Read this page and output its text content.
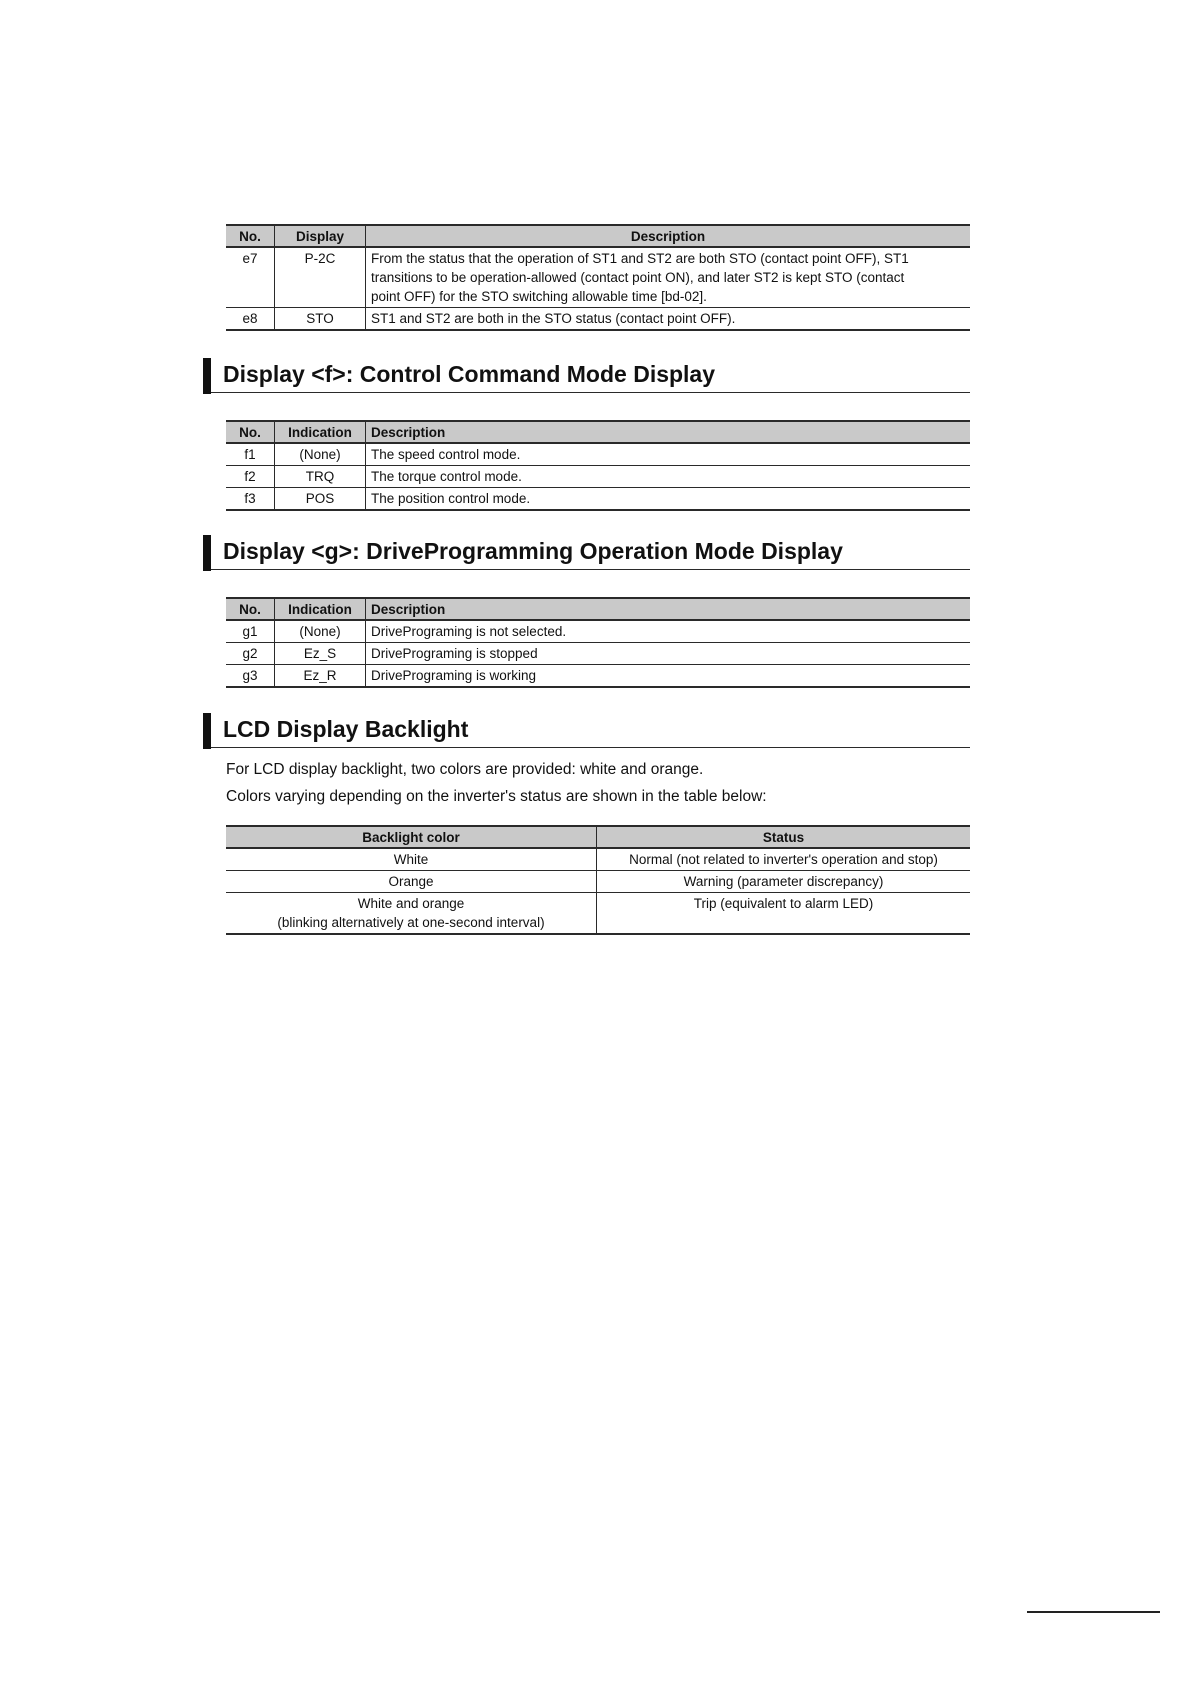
No.	Display	Description
e7	P-2C	From the status that the operation of ST1 and ST2 are both STO (contact point OFF), ST1
transitions to be operation-allowed (contact point ON), and later ST2 is kept STO (contact
point OFF) for the STO switching allowable time [bd-02].

e8	STO	ST1 and ST2 are both in the STO status (contact point OFF).
Display <f>: Control Command Mode Display
No.	Indication	Description
f1	(None)	The speed control mode.
f2	TRQ	The torque control mode.
f3	POS	The position control mode.
Display <g>: DriveProgramming Operation Mode Display
No.	Indication	Description
g1	(None)	DrivePrograming is not selected.
g2	Ez_S	DrivePrograming is stopped
g3	Ez_R	DrivePrograming is working
LCD Display Backlight
For LCD display backlight, two colors are provided: white and orange.
Colors varying depending on the inverter's status are shown in the table below:
Backlight color	Status

White	Normal (not related to inverter's operation and stop)

Orange	Warning (parameter discrepancy)

White and orange
(blinking alternatively at one-second interval)	Trip (equivalent to alarm LED)
